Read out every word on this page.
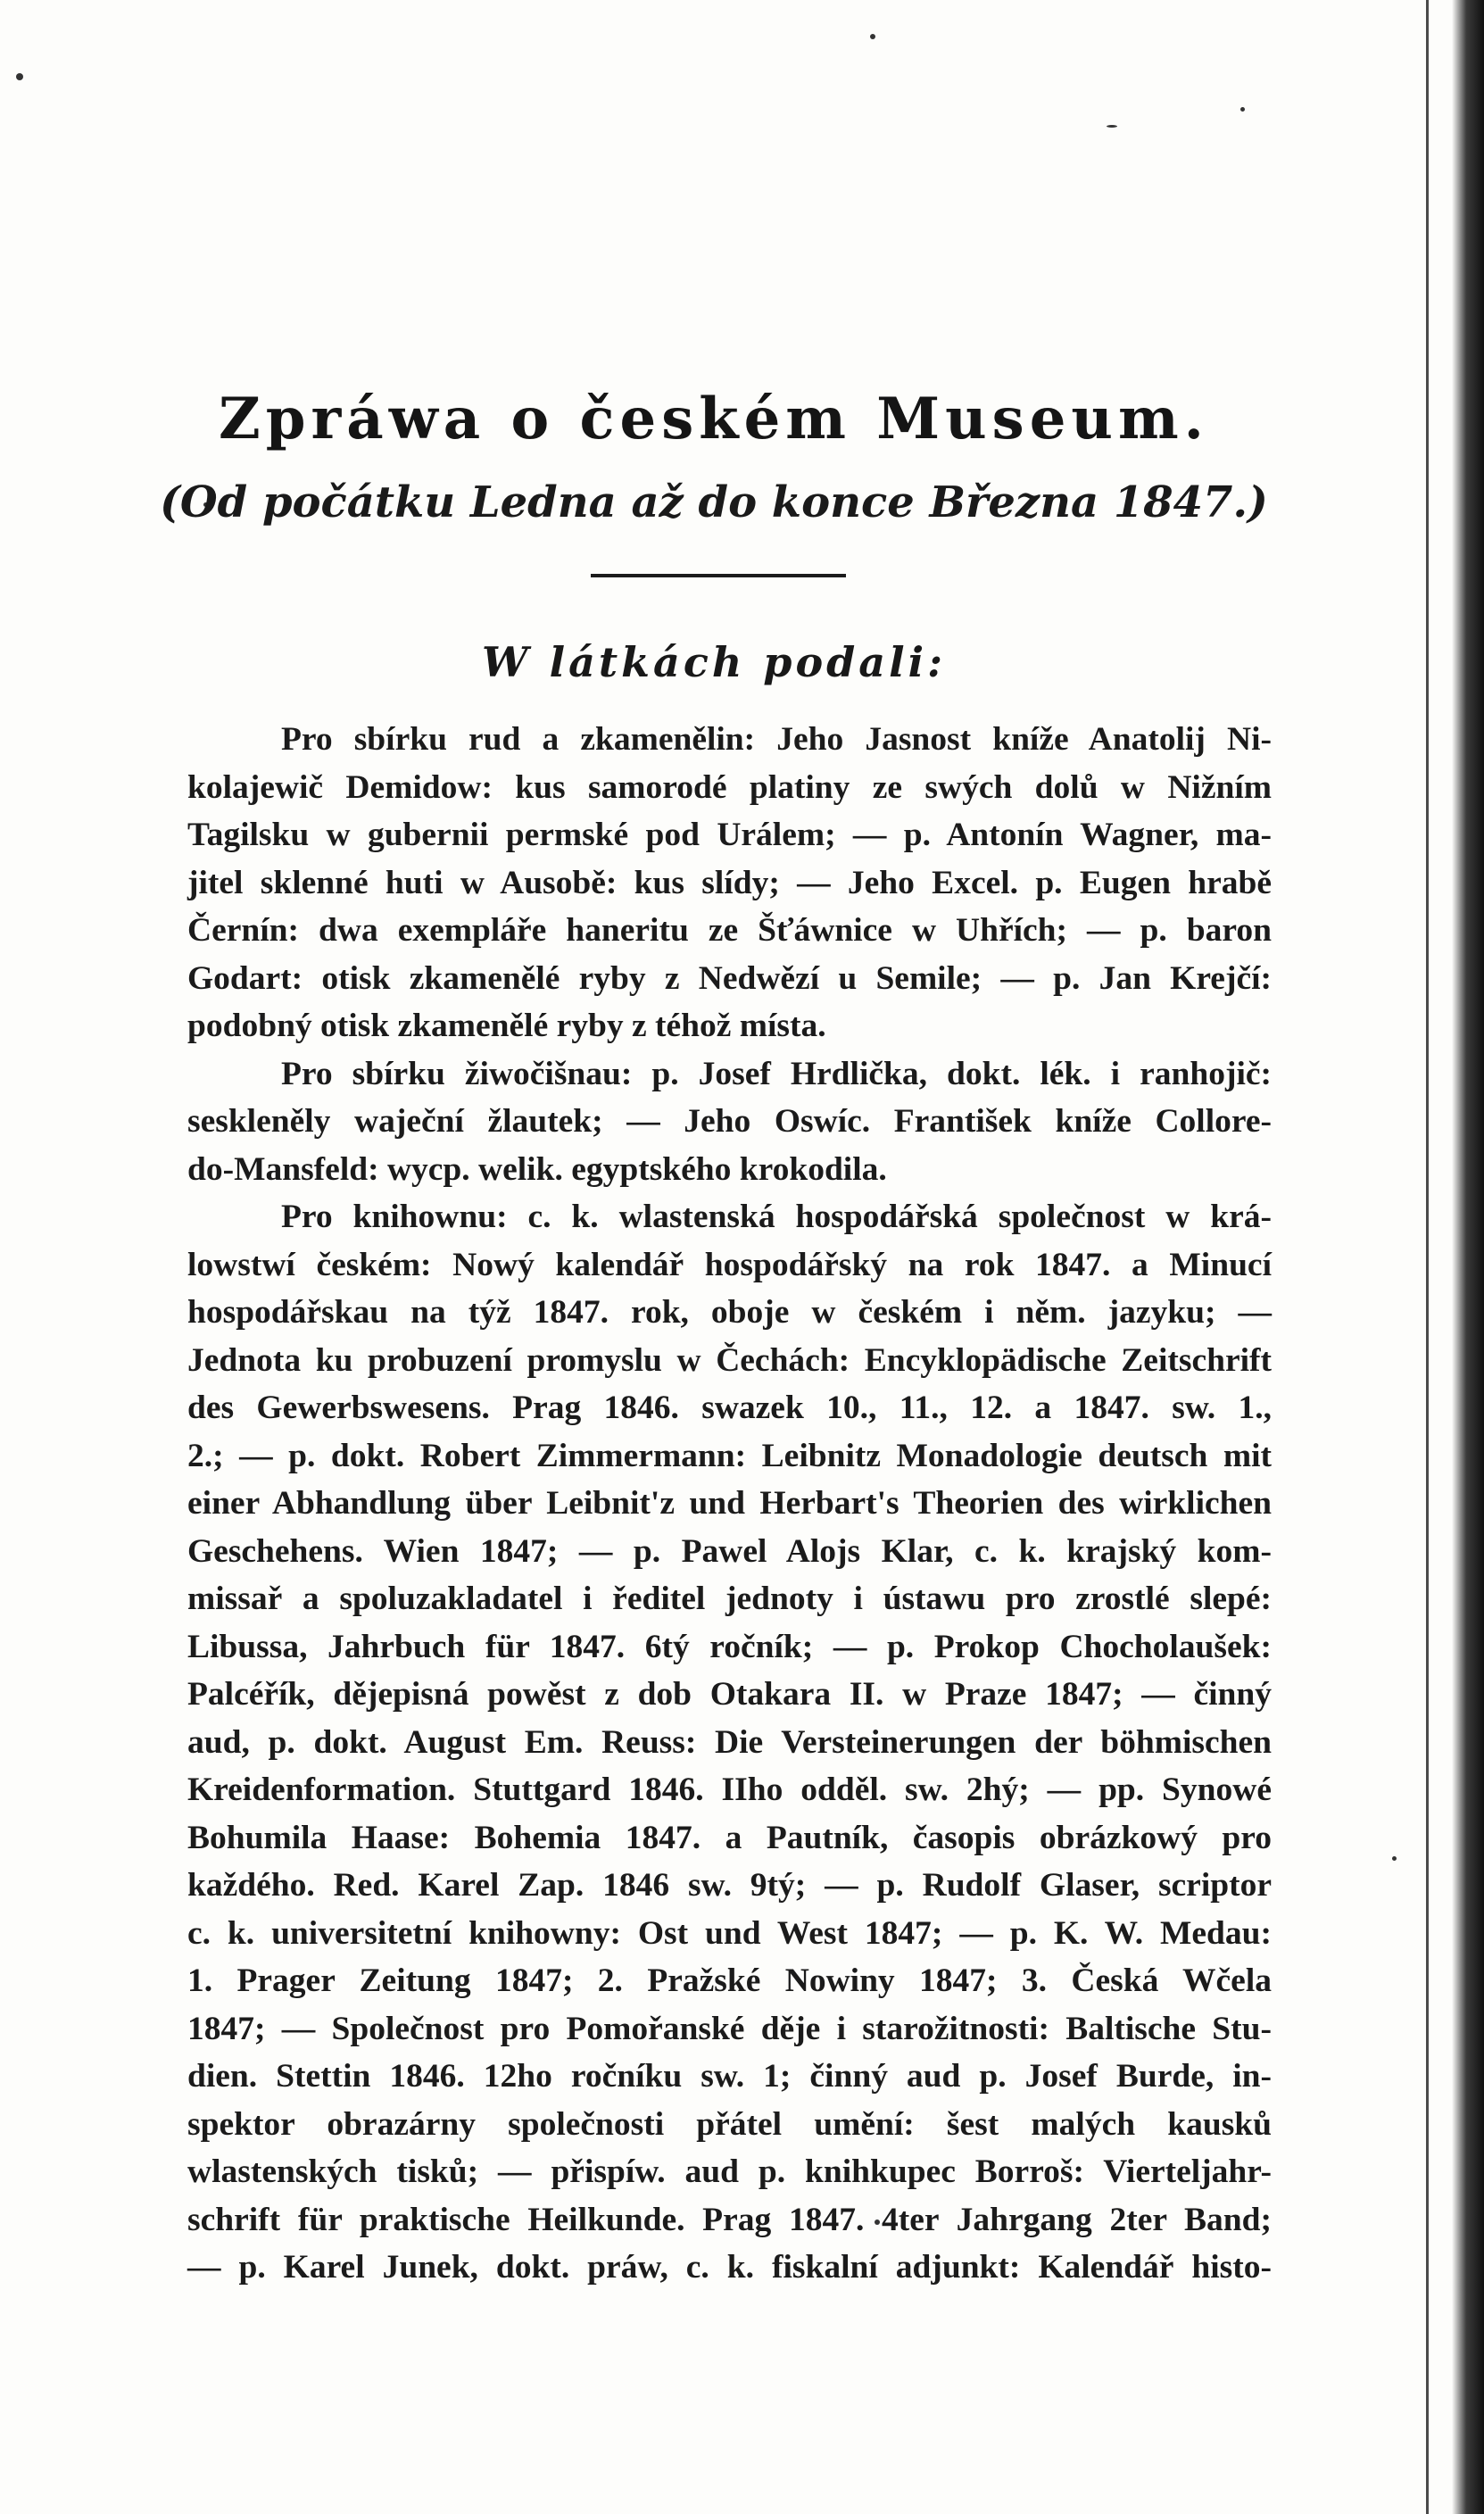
Zpráwa o českém Museum.
(Od počátku Ledna až do konce Března 1847.)
W látkách podali:
Pro sbírku rud a zkamenělin: Jeho Jasnost kníže Anatolij Ni-
kolajewič Demidow: kus samorodé platiny ze swých dolů w Nižním
Tagilsku w gubernii permské pod Urálem; — p. Antonín Wagner, ma-
jitel sklenné huti w Ausobě: kus slídy; — Jeho Excel. p. Eugen hrabě
Černín: dwa exempláře haneritu ze Šťáwnice w Uhřích; — p. baron
Godart: otisk zkamenělé ryby z Nedwězí u Semile; — p. Jan Krejčí:
podobný otisk zkamenělé ryby z téhož místa.
Pro sbírku žiwočišnau: p. Josef Hrdlička, dokt. lék. i ranhojič:
seskleněly waječní žlautek; — Jeho Oswíc. František kníže Collore-
do-Mansfeld: wycp. welik. egyptského krokodila.
Pro knihownu: c. k. wlastenská hospodářská společnost w krá-
lowstwí českém: Nowý kalendář hospodářský na rok 1847. a Minucí
hospodářskau na týž 1847. rok, oboje w českém i něm. jazyku; —
Jednota ku probuzení promyslu w Čechách: Encyklopädische Zeitschrift
des Gewerbswesens. Prag 1846. swazek 10., 11., 12. a 1847. sw. 1.,
2.; — p. dokt. Robert Zimmermann: Leibnitz Monadologie deutsch mit
einer Abhandlung über Leibnit'z und Herbart's Theorien des wirklichen
Geschehens. Wien 1847; — p. Pawel Alojs Klar, c. k. krajský kom-
missař a spoluzakladatel i ředitel jednoty i ústawu pro zrostlé slepé:
Libussa, Jahrbuch für 1847. 6tý ročník; — p. Prokop Chocholaušek:
Palcéřík, dějepisná powěst z dob Otakara II. w Praze 1847; — činný
aud, p. dokt. August Em. Reuss: Die Versteinerungen der böhmischen
Kreidenformation. Stuttgard 1846. IIho odděl. sw. 2hý; — pp. Synowé
Bohumila Haase: Bohemia 1847. a Pautník, časopis obrázkowý pro
každého. Red. Karel Zap. 1846 sw. 9tý; — p. Rudolf Glaser, scriptor
c. k. universitetní knihowny: Ost und West 1847; — p. K. W. Medau:
1. Prager Zeitung 1847; 2. Pražské Nowiny 1847; 3. Česká Wčela
1847; — Společnost pro Pomořanské děje i starožitnosti: Baltische Stu-
dien. Stettin 1846. 12ho ročníku sw. 1; činný aud p. Josef Burde, in-
spektor obrazárny společnosti přátel umění: šest malých kausků
wlastenských tisků; — přispíw. aud p. knihkupec Borroš: Vierteljahr-
schrift für praktische Heilkunde. Prag 1847. 4ter Jahrgang 2ter Band;
— p. Karel Junek, dokt. práw, c. k. fiskalní adjunkt: Kalendář histo-
